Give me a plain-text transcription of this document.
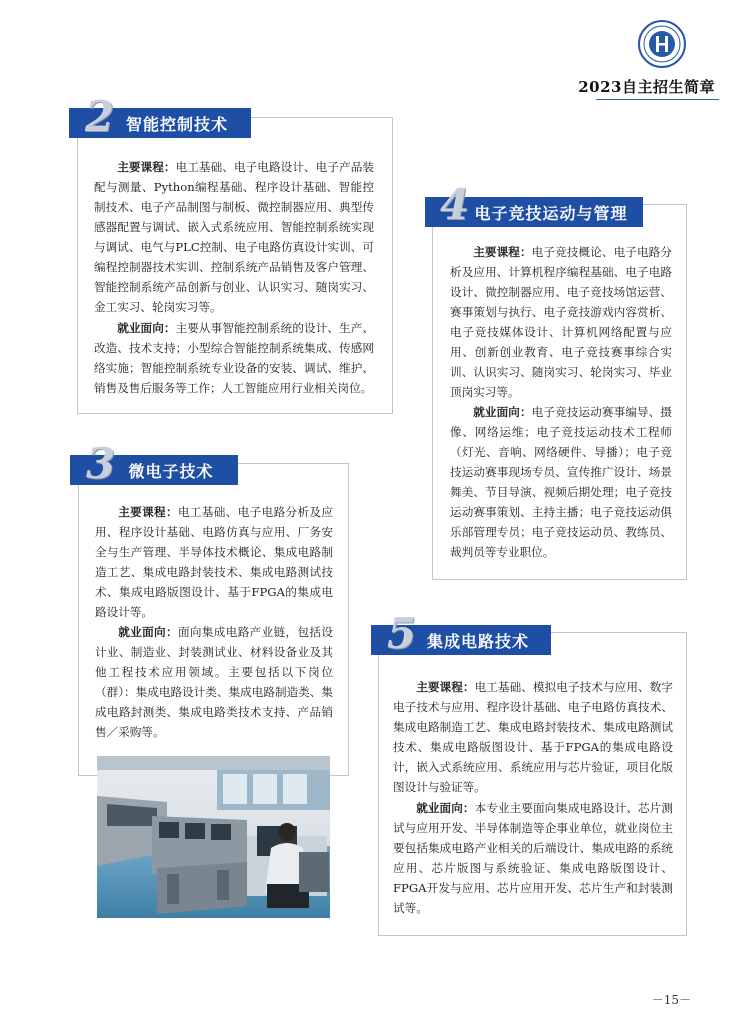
2023自主招生简章
智能控制技术
2

主要课程：电工基础、电子电路设计、电子产品装配与测量、Python编程基础、程序设计基础、智能控制技术、电子产品制图与制板、微控制器应用、典型传感器配置与调试、嵌入式系统应用、智能控制系统实现与调试、电气与PLC控制、电子电路仿真设计实训、可编程控制器技术实训、控制系统产品销售及客户管理、智能控制系统产品创新与创业、认识实习、随岗实习、金工实习、轮岗实习等。

就业面向：主要从事智能控制系统的设计、生产、改造、技术支持；小型综合智能控制系统集成、传感网络实施；智能控制系统专业设备的安装、调试、维护、销售及售后服务等工作；人工智能应用行业相关岗位。

电子竞技运动与管理
4

主要课程：电子竞技概论、电子电路分析及应用、计算机程序编程基础、电子电路设计、微控制器应用、电子竞技场馆运营、赛事策划与执行、电子竞技游戏内容赏析、电子竞技媒体设计、计算机网络配置与应用、创新创业教育、电子竞技赛事综合实训、认识实习、随岗实习、轮岗实习、毕业顶岗实习等。

就业面向：电子竞技运动赛事编导、摄像、网络运维；电子竞技运动技术工程师（灯光、音响、网络硬件、导播）；电子竞技运动赛事现场专员、宣传推广设计、场景舞美、节目导演、视频后期处理；电子竞技运动赛事策划、主持主播；电子竞技运动俱乐部管理专员；电子竞技运动员、教练员、裁判员等专业职位。

微电子技术
3

主要课程：电工基础、电子电路分析及应用、程序设计基础、电路仿真与应用、厂务安全与生产管理、半导体技术概论、集成电路制造工艺、集成电路封装技术、集成电路测试技术、集成电路版图设计、基于FPGA的集成电路设计等。

就业面向：面向集成电路产业链，包括设计业、制造业、封装测试业、材料设备业及其他工程技术应用领域。主要包括以下岗位（群）：集成电路设计类、集成电路制造类、集成电路封测类、集成电路类技术支持、产品销售／采购等。

集成电路技术
5

主要课程：电工基础、模拟电子技术与应用、数字电子技术与应用、程序设计基础、电子电路仿真技术、集成电路制造工艺、集成电路封装技术、集成电路测试技术、集成电路版图设计、基于FPGA的集成电路设计，嵌入式系统应用、系统应用与芯片验证，项目化版图设计与验证等。

就业面向：本专业主要面向集成电路设计、芯片测试与应用开发、半导体制造等企事业单位，就业岗位主要包括集成电路产业相关的后端设计、集成电路的系统应用、芯片版图与系统验证、集成电路版图设计、FPGA开发与应用、芯片应用开发、芯片生产和封装测试等。

－15－
